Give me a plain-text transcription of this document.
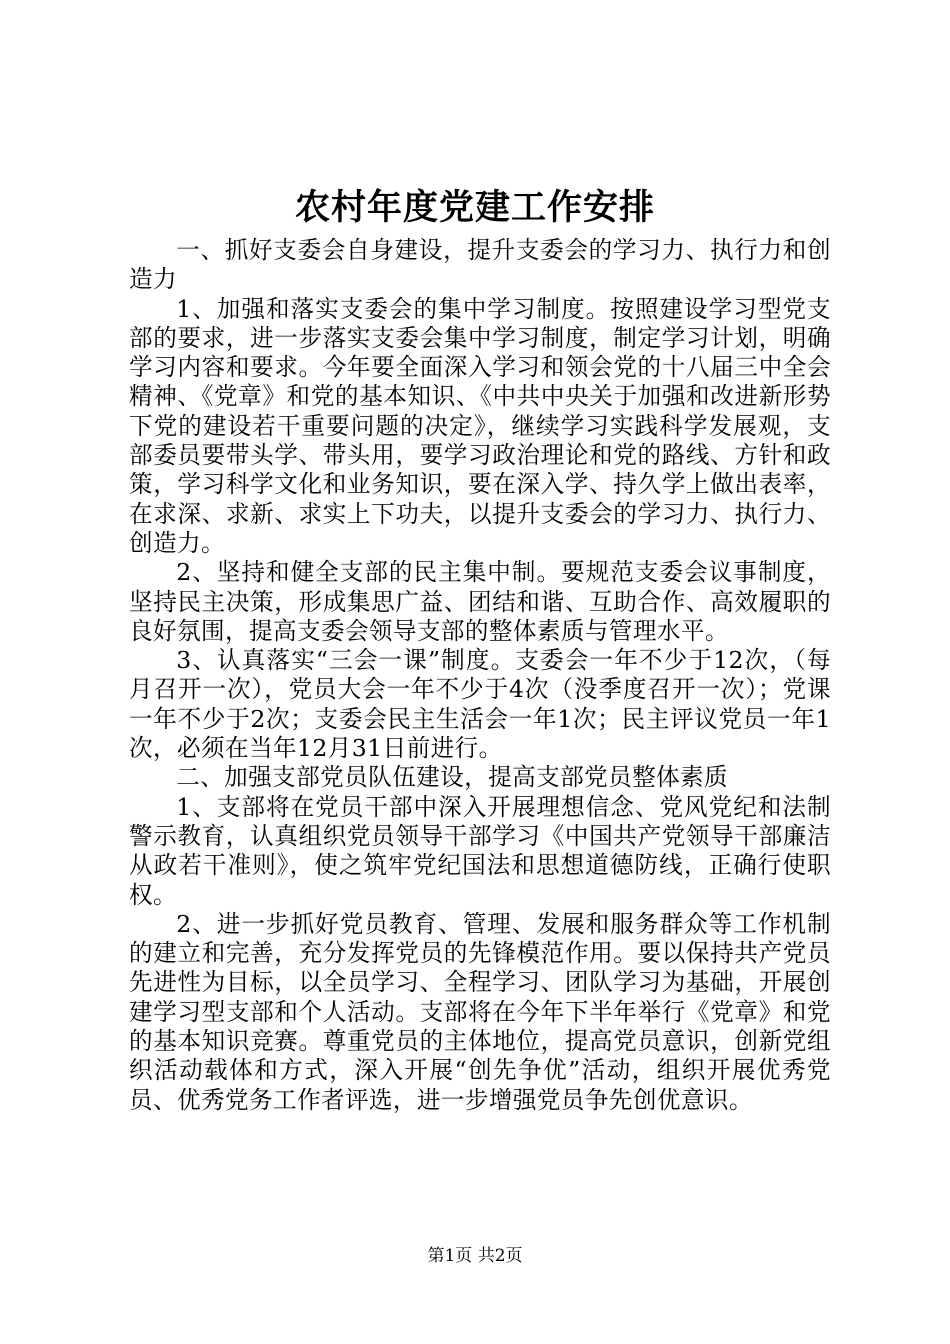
农村年度党建工作安排

一、抓好支委会自身建设，提升支委会的学习力、执行力和创造力

1、加强和落实支委会的集中学习制度。按照建设学习型党支部的要求，进一步落实支委会集中学习制度，制定学习计划，明确学习内容和要求。今年要全面深入学习和领会党的十八届三中全会精神、《党章》和党的基本知识、《中共中央关于加强和改进新形势下党的建设若干重要问题的决定》，继续学习实践科学发展观，支部委员要带头学、带头用，要学习政治理论和党的路线、方针和政策，学习科学文化和业务知识，要在深入学、持久学上做出表率，在求深、求新、求实上下功夫，以提升支委会的学习力、执行力、创造力。

2、坚持和健全支部的民主集中制。要规范支委会议事制度，坚持民主决策，形成集思广益、团结和谐、互助合作、高效履职的良好氛围，提高支委会领导支部的整体素质与管理水平。

3、认真落实“三会一课”制度。支委会一年不少于12次，（每月召开一次），党员大会一年不少于4次（没季度召开一次）；党课一年不少于2次；支委会民主生活会一年1次；民主评议党员一年1次，必须在当年12月31日前进行。

二、加强支部党员队伍建设，提高支部党员整体素质

1、支部将在党员干部中深入开展理想信念、党风党纪和法制警示教育，认真组织党员领导干部学习《中国共产党领导干部廉洁从政若干准则》，使之筑牢党纪国法和思想道德防线，正确行使职权。

2、进一步抓好党员教育、管理、发展和服务群众等工作机制的建立和完善，充分发挥党员的先锋模范作用。要以保持共产党员先进性为目标，以全员学习、全程学习、团队学习为基础，开展创建学习型支部和个人活动。支部将在今年下半年举行《党章》和党的基本知识竞赛。尊重党员的主体地位，提高党员意识，创新党组织活动载体和方式，深入开展“创先争优”活动，组织开展优秀党员、优秀党务工作者评选，进一步增强党员争先创优意识。

第1页 共2页
